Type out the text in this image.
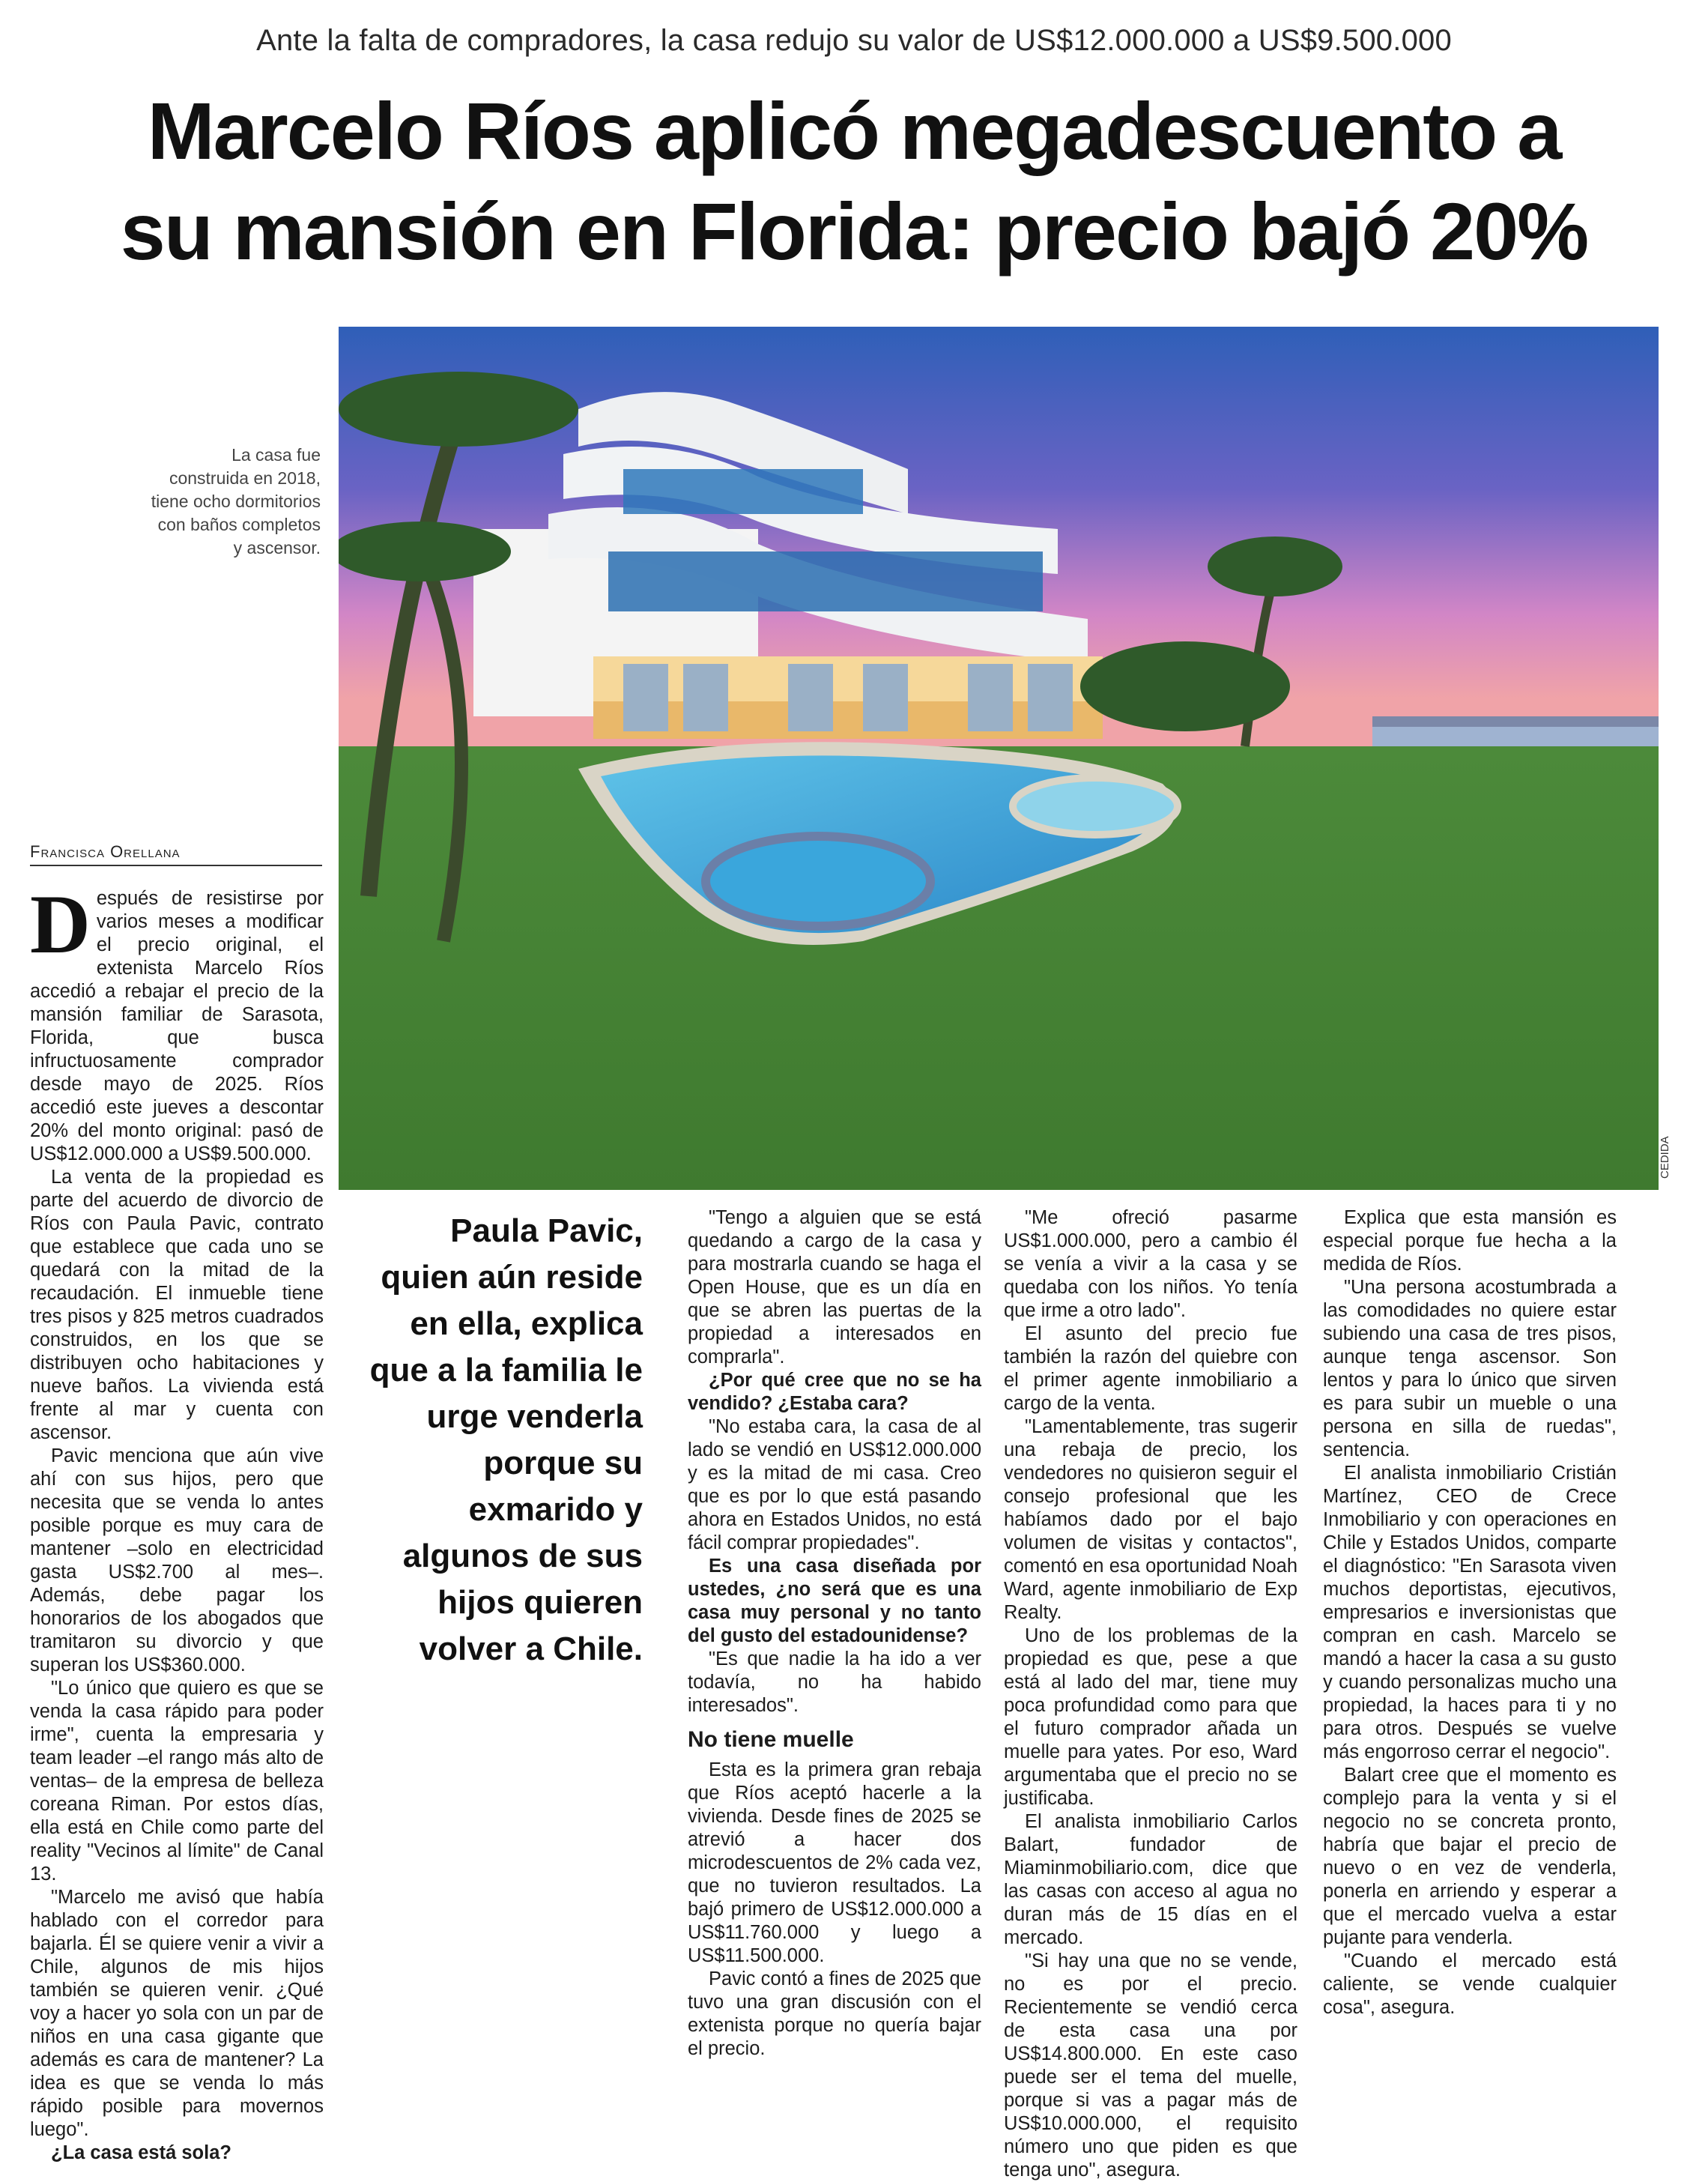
Ante la falta de compradores, la casa redujo su valor de US$12.000.000 a US$9.500.000
Marcelo Ríos aplicó megadescuento a
su mansión en Florida: precio bajó 20%
La casa fue construida en 2018, tiene ocho dormitorios con baños completos y ascensor.
CEDIDA
Francisca Orellana

Después de resistirse por varios meses a modificar el precio original, el extenista Marcelo Ríos accedió a rebajar el precio de la mansión familiar de Sarasota, Florida, que busca infructuosamente comprador desde mayo de 2025. Ríos accedió este jueves a descontar 20% del monto original: pasó de US$12.000.000 a US$9.500.000.

La venta de la propiedad es parte del acuerdo de divorcio de Ríos con Paula Pavic, contrato que establece que cada uno se quedará con la mitad de la recaudación. El inmueble tiene tres pisos y 825 metros cuadrados construidos, en los que se distribuyen ocho habitaciones y nueve baños. La vivienda está frente al mar y cuenta con ascensor.

Pavic menciona que aún vive ahí con sus hijos, pero que necesita que se venda lo antes posible porque es muy cara de mantener –solo en electricidad gasta US$2.700 al mes–. Además, debe pagar los honorarios de los abogados que tramitaron su divorcio y que superan los US$360.000.

"Lo único que quiero es que se venda la casa rápido para poder irme", cuenta la empresaria y team leader –el rango más alto de ventas– de la empresa de belleza coreana Riman. Por estos días, ella está en Chile como parte del reality "Vecinos al límite" de Canal 13.

"Marcelo me avisó que había hablado con el corredor para bajarla. Él se quiere venir a vivir a Chile, algunos de mis hijos también se quieren venir. ¿Qué voy a hacer yo sola con un par de niños en una casa gigante que además es cara de mantener? La idea es que se venda lo más rápido posible para movernos luego".

¿La casa está sola?

Paula Pavic, quien aún reside en ella, explica que a la familia le urge venderla porque su exmarido y algunos de sus hijos quieren volver a Chile.

"Tengo a alguien que se está quedando a cargo de la casa y para mostrarla cuando se haga el Open House, que es un día en que se abren las puertas de la propiedad a interesados en comprarla".

¿Por qué cree que no se ha vendido? ¿Estaba cara?

"No estaba cara, la casa de al lado se vendió en US$12.000.000 y es la mitad de mi casa. Creo que es por lo que está pasando ahora en Estados Unidos, no está fácil comprar propiedades".

Es una casa diseñada por ustedes, ¿no será que es una casa muy personal y no tanto del gusto del estadounidense?

"Es que nadie la ha ido a ver todavía, no ha habido interesados".

No tiene muelle

Esta es la primera gran rebaja que Ríos aceptó hacerle a la vivienda. Desde fines de 2025 se atrevió a hacer dos microdescuentos de 2% cada vez, que no tuvieron resultados. La bajó primero de US$12.000.000 a US$11.760.000 y luego a US$11.500.000.

Pavic contó a fines de 2025 que tuvo una gran discusión con el extenista porque no quería bajar el precio.

"Me ofreció pasarme US$1.000.000, pero a cambio él se venía a vivir a la casa y se quedaba con los niños. Yo tenía que irme a otro lado".

El asunto del precio fue también la razón del quiebre con el primer agente inmobiliario a cargo de la venta.

"Lamentablemente, tras sugerir una rebaja de precio, los vendedores no quisieron seguir el consejo profesional que les habíamos dado por el bajo volumen de visitas y contactos", comentó en esa oportunidad Noah Ward, agente inmobiliario de Exp Realty.

Uno de los problemas de la propiedad es que, pese a que está al lado del mar, tiene muy poca profundidad como para que el futuro comprador añada un muelle para yates. Por eso, Ward argumentaba que el precio no se justificaba.

El analista inmobiliario Carlos Balart, fundador de Miaminmobiliario.com, dice que las casas con acceso al agua no duran más de 15 días en el mercado.

"Si hay una que no se vende, no es por el precio. Recientemente se vendió cerca de esta casa una por US$14.800.000. En este caso puede ser el tema del muelle, porque si vas a pagar más de US$10.000.000, el requisito número uno que piden es que tenga uno", asegura.

Explica que esta mansión es especial porque fue hecha a la medida de Ríos.

"Una persona acostumbrada a las comodidades no quiere estar subiendo una casa de tres pisos, aunque tenga ascensor. Son lentos y para lo único que sirven es para subir un mueble o una persona en silla de ruedas", sentencia.

El analista inmobiliario Cristián Martínez, CEO de Crece Inmobiliario y con operaciones en Chile y Estados Unidos, comparte el diagnóstico: "En Sarasota viven muchos deportistas, ejecutivos, empresarios e inversionistas que compran en cash. Marcelo se mandó a hacer la casa a su gusto y cuando personalizas mucho una propiedad, la haces para ti y no para otros. Después se vuelve más engorroso cerrar el negocio".

Balart cree que el momento es complejo para la venta y si el negocio no se concreta pronto, habría que bajar el precio de nuevo o en vez de venderla, ponerla en arriendo y esperar a que el mercado vuelva a estar pujante para venderla.

"Cuando el mercado está caliente, se vende cualquier cosa", asegura.
